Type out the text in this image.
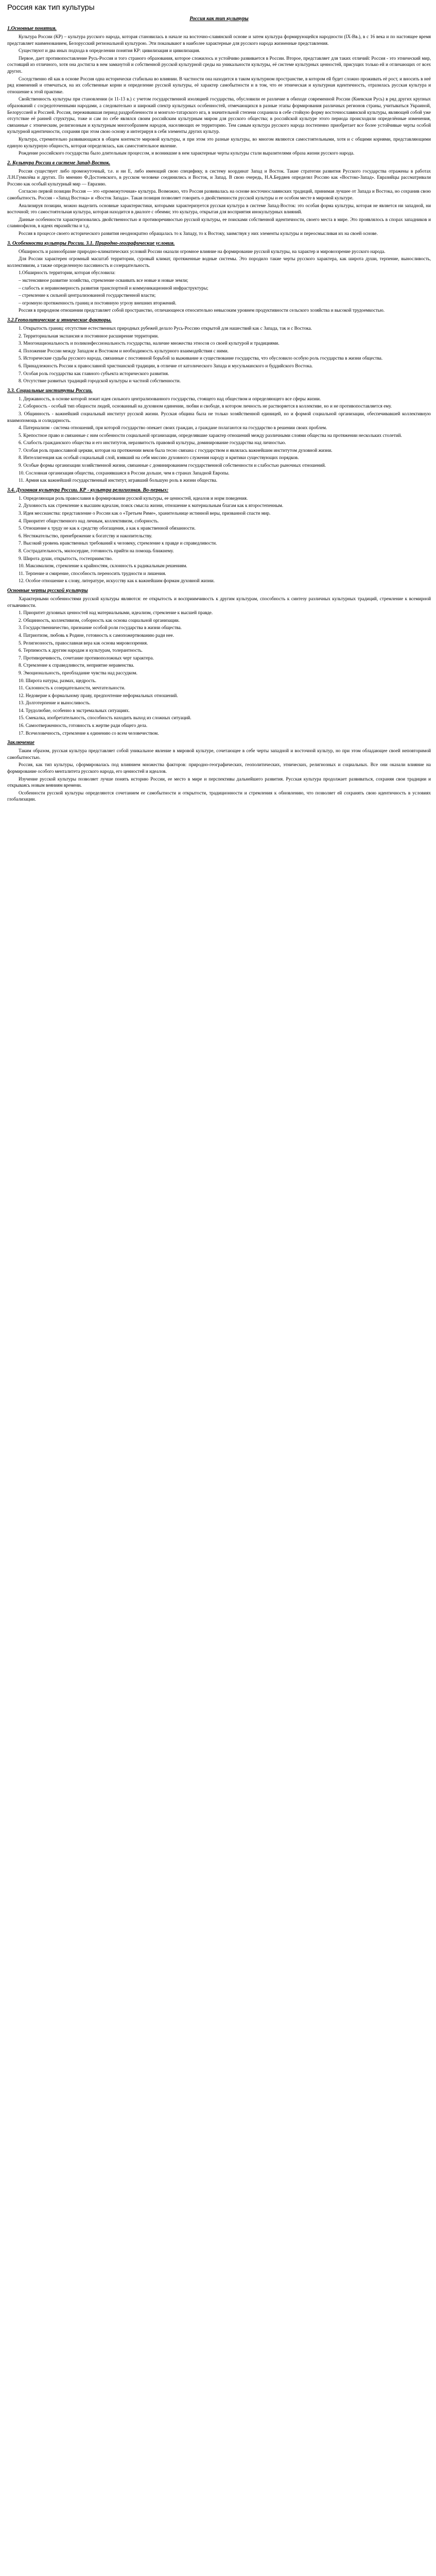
Россия как тип культуры
Россия как тип культуры
1.Основные понятия.

Культура России (КР) – культура русского народа, которая становилась в начале на восточно-славянской основе и затем культура формирующейся народности (IX-Вв.), в с 16 века и по настоящее время представляет наименованием, Белорусский региональной культурою. Эти показывают в наиболее характерные для русского народа жизненные представления.

Существуют и два иных подхода в определении понятия КР: цивилизация и цивилизация.

Первое, дает противопоставление Русь-Россия и того страного образования, которое сложилось и устойчиво развивается в России. Второе, представляет для таких отличий: Россия - это этнический мир, состоящий из отличного, хотя она достигла в нем замкнутой и собственной русской культурной среды на уникальности культуры, её системе культурных ценностей, присущих только ей и отличающих от всех других.

Соседственно ей как в основе Россия одна исторически стабильна во влиянии. В частности она находится в таком культурном пространстве, в котором ей будет сложно проживать её рост, и вносить в неё ряд изменений и отмечаться, на их собственные корни и определение русской культуры, её характер самобытности и в том, что ее этническая и культурная идентичность, отразилась русская культура и отношение к этой практике.

Свойственность культуры при становлении (и 11-13 в.) с учетом государственной изоляцией государства, обусловили ее различие в обиходе современной России (Киевская Русь) в ряд других крупных образований с сосредоточенными народами, а следовательно и широкий спектр культурных особенностей, отмечающихся в разные этапы формирования различных регионов страны, учитываться Украиной, Белоруссией и Россией. Россия, переживавшая период раздробленности и монголо-татарского ига, в значительной степени сохранила в себе стойкую форму восточнославянской культуры, являющей собой уже отсутствие её ранней структуры, тоже и сам по себе являлся своим российским культурным миром для русского общества; в российской культуре этого периода происходили определённые изменения, связанные с этническим, религиозным и культурным многообразием народов, населяющих ее территорию. Тем самым культура русского народа постепенно приобретает все более устойчивые черты особой культурной идентичности, сохраняя при этом свою основу и интегрируя в себя элементы других культур.

Культура, стремительно развивающаяся в общем контексте мировой культуры, и при этом это разные культуры, во многом являются самостоятельными, хотя и с общими корнями, представляющими единую культурную общность, которая определялась, как самостоятельное явление.

Рождение российского государства было длительным процессом, и возникшие в нем характерные черты культуры стали выразителями образа жизни русского народа.

2. Культура России в системе Запад-Восток.

Россия существует либо промежуточный, т.е. и ни Е, либо имеющий свою специфику, в систему координат Запад и Восток. Такие стратегии развития Русского государства отражены в работах Л.Н.Гумилёва и других. По мнению Ф.Достоевского, в русском человеке соединились и Восток, и Запад. В свою очередь, Н.А.Бердяев определял Россию как «Востоко-Запад». Евразийцы рассматривали Россию как особый культурный мир — Евразию.

Согласно первой позиции Россия — это «промежуточная» культура. Возможно, что Россия развивалась на основе восточнославянских традиций, принимая лучшее от Запада и Востока, но сохранив свою самобытность. Россия - «Запад Востока» и «Восток Запада». Такая позиция позволяет говорить о двойственности русской культуры и ее особом месте в мировой культуре.

Анализируя позиции, можно выделить основные характеристики, которыми характеризуется русская культура в системе Запад-Восток: это особая форма культуры, которая не является ни западной, ни восточной; это самостоятельная культура, которая находится в диалоге с обеими; это культура, открытая для восприятия инокультурных влияний.

Данные особенности характеризовались двойственностью и противоречивостью русской культуры, ее поисками собственной идентичности, своего места в мире. Это проявлялось в спорах западников и славянофилов, в идеях евразийства и т.д.

Россия в процессе своего исторического развития неоднократно обращалась то к Западу, то к Востоку, заимствуя у них элементы культуры и переосмысливая их на своей основе.

3. Особенности культуры России. 3.1. Природно-географические условия.

Обширность и разнообразие природно-климатических условий России оказали огромное влияние на формирование русской культуры, на характер и мировоззрение русского народа.

Для России характерен огромный масштаб территории, суровый климат, протяженные водные системы. Это породило такие черты русского характера, как широта души, терпение, выносливость, коллективизм, а также определенную пассивность и созерцательность.

1.Обширность территории, которая обусловила:

– экстенсивное развитие хозяйства, стремление осваивать все новые и новые земли;

– слабость и неравномерность развития транспортной и коммуникационной инфраструктуры;

– стремление к сильной централизованной государственной власти;

– огромную протяженность границ и постоянную угрозу внешних вторжений.

Россия в природном отношении представляет собой пространство, отличающееся относительно невысоким уровнем продуктивности сельского хозяйства и высокой трудоемкостью.

3.2.Геополитические и этнические факторы.

1. Открытость границ: отсутствие естественных природных рубежей делало Русь-Россию открытой для нашествий как с Запада, так и с Востока.

2. Территориальная экспансия и постоянное расширение территории.

3. Многонациональность и поликонфессиональность государства, наличие множества этносов со своей культурой и традициями.

4. Положение России между Западом и Востоком и необходимость культурного взаимодействия с ними.

5. Исторические судьбы русского народа, связанные с постоянной борьбой за выживание и существование государства, что обусловило особую роль государства в жизни общества.

6. Принадлежность России к православной христианской традиции, в отличие от католического Запада и мусульманского и буддийского Востока.

7. Особая роль государства как главного субъекта исторического развития.

8. Отсутствие развитых традиций городской культуры и частной собственности.

3.3. Социальные институты России.

1. Державность, в основе которой лежит идея сильного централизованного государства, стоящего над обществом и определяющего все сферы жизни.

2. Соборность - особый тип общности людей, основанный на духовном единении, любви и свободе, в котором личность не растворяется в коллективе, но и не противопоставляется ему.

3. Общинность - важнейший социальный институт русской жизни. Русская община была не только хозяйственной единицей, но и формой социальной организации, обеспечивавшей коллективную взаимопомощь и солидарность.

4. Патернализм - система отношений, при которой государство опекает своих граждан, а граждане полагаются на государство в решении своих проблем.

5. Крепостное право и связанные с ним особенности социальной организации, определявшие характер отношений между различными слоями общества на протяжении нескольких столетий.

6. Слабость гражданского общества и его институтов, неразвитость правовой культуры, доминирование государства над личностью.

7. Особая роль православной церкви, которая на протяжении веков была тесно связана с государством и являлась важнейшим институтом духовной жизни.

8. Интеллигенция как особый социальный слой, взявший на себя миссию духовного служения народу и критики существующих порядков.

9. Особые формы организации хозяйственной жизни, связанные с доминированием государственной собственности и слабостью рыночных отношений.

10. Сословная организация общества, сохранявшаяся в России дольше, чем в странах Западной Европы.

11. Армия как важнейший государственный институт, игравший большую роль в жизни общества.

3.4. Духовная культура России. КР - культура религиозная. Во-первых:

1. Определяющая роль православия в формировании русской культуры, ее ценностей, идеалов и норм поведения.

2. Духовность как стремление к высшим идеалам, поиск смысла жизни, отношение к материальным благам как к второстепенным.

3. Идея мессианства: представление о России как о «Третьем Риме», хранительнице истинной веры, призванной спасти мир.

4. Приоритет общественного над личным, коллективизм, соборность.

5. Отношение к труду не как к средству обогащения, а как к нравственной обязанности.

6. Нестяжательство, пренебрежение к богатству и накопительству.

7. Высокий уровень нравственных требований к человеку, стремление к правде и справедливости.

8. Сострадательность, милосердие, готовность прийти на помощь ближнему.

9. Широта души, открытость, гостеприимство.

10. Максимализм, стремление к крайностям, склонность к радикальным решениям.

11. Терпение и смирение, способность переносить трудности и лишения.

12. Особое отношение к слову, литературе, искусству как к важнейшим формам духовной жизни.

Основные черты русской культуры

Характерными особенностями русской культуры являются: ее открытость и восприимчивость к другим культурам, способность к синтезу различных культурных традиций, стремление к всемирной отзывчивости.

1. Приоритет духовных ценностей над материальными, идеализм, стремление к высшей правде.

2. Общинность, коллективизм, соборность как основа социальной организации.

3. Государственничество, признание особой роли государства в жизни общества.

4. Патриотизм, любовь к Родине, готовность к самопожертвованию ради нее.

5. Религиозность, православная вера как основа мировоззрения.

6. Терпимость к другим народам и культурам, толерантность.

7. Противоречивость, сочетание противоположных черт характера.

8. Стремление к справедливости, неприятие неравенства.

9. Эмоциональность, преобладание чувства над рассудком.

10. Широта натуры, размах, щедрость.

11. Склонность к созерцательности, мечтательности.

12. Недоверие к формальному праву, предпочтение неформальных отношений.

13. Долготерпение и выносливость.

14. Трудолюбие, особенно в экстремальных ситуациях.

15. Смекалка, изобретательность, способность находить выход из сложных ситуаций.

16. Самоотверженность, готовность к жертве ради общего дела.

17. Всечеловечность, стремление к единению со всем человечеством.

Заключение

Таким образом, русская культура представляет собой уникальное явление в мировой культуре, сочетающее в себе черты западной и восточной культур, но при этом обладающее своей неповторимой самобытностью.

Россия, как тип культуры, сформировалась под влиянием множества факторов: природно-географических, геополитических, этнических, религиозных и социальных. Все они оказали влияние на формирование особого менталитета русского народа, его ценностей и идеалов.

Изучение русской культуры позволяет лучше понять историю России, ее место в мире и перспективы дальнейшего развития. Русская культура продолжает развиваться, сохраняя свои традиции и открываясь новым веяниям времени.

Особенности русской культуры определяются сочетанием ее самобытности и открытости, традиционности и стремления к обновлению, что позволяет ей сохранять свою идентичность в условиях глобализации.
